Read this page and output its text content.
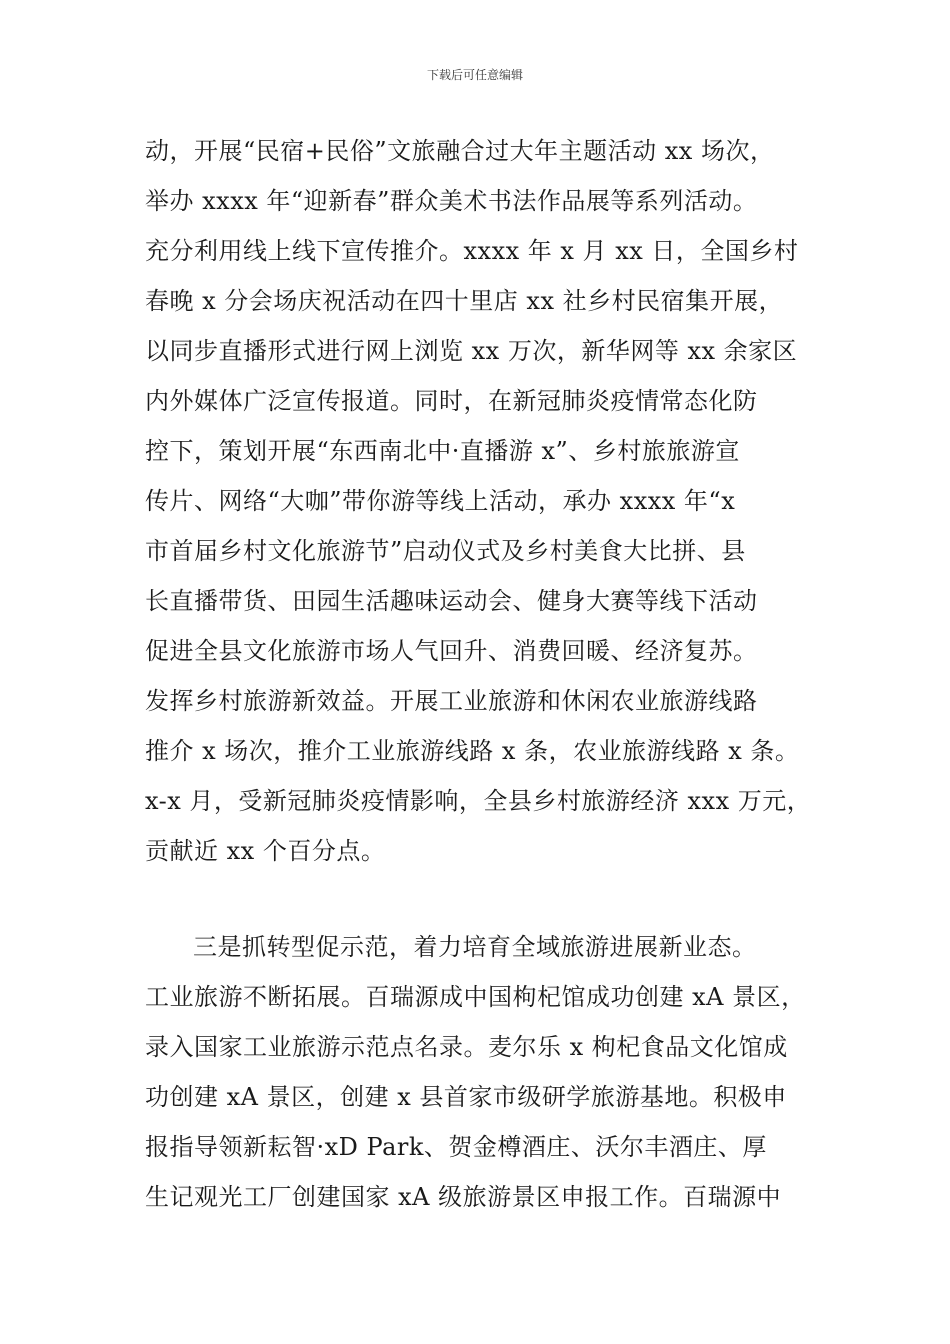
下载后可任意编辑
动，开展“民宿+民俗”文旅融合过大年主题活动 xx 场次，
举办 xxxx 年“迎新春”群众美术书法作品展等系列活动。
充分利用线上线下宣传推介。xxxx 年 x 月 xx 日，全国乡村
春晚 x 分会场庆祝活动在四十里店 xx 社乡村民宿集开展，
以同步直播形式进行网上浏览 xx 万次，新华网等 xx 余家区
内外媒体广泛宣传报道。同时，在新冠肺炎疫情常态化防
控下，策划开展“东西南北中·直播游 x”、乡村旅旅游宣
传片、网络“大咖”带你游等线上活动，承办 xxxx 年“x
市首届乡村文化旅游节”启动仪式及乡村美食大比拼、县
长直播带货、田园生活趣味运动会、健身大赛等线下活动
促进全县文化旅游市场人气回升、消费回暖、经济复苏。
发挥乡村旅游新效益。开展工业旅游和休闲农业旅游线路
推介 x 场次，推介工业旅游线路 x 条，农业旅游线路 x 条。
x-x 月，受新冠肺炎疫情影响，全县乡村旅游经济 xxx 万元，
贡献近 xx 个百分点。
三是抓转型促示范，着力培育全域旅游进展新业态。
工业旅游不断拓展。百瑞源成中国枸杞馆成功创建 xA 景区，
录入国家工业旅游示范点名录。麦尔乐 x 枸杞食品文化馆成
功创建 xA 景区，创建 x 县首家市级研学旅游基地。积极申
报指导领新耘智·xD Park、贺金樽酒庄、沃尔丰酒庄、厚
生记观光工厂创建国家 xA 级旅游景区申报工作。百瑞源中
